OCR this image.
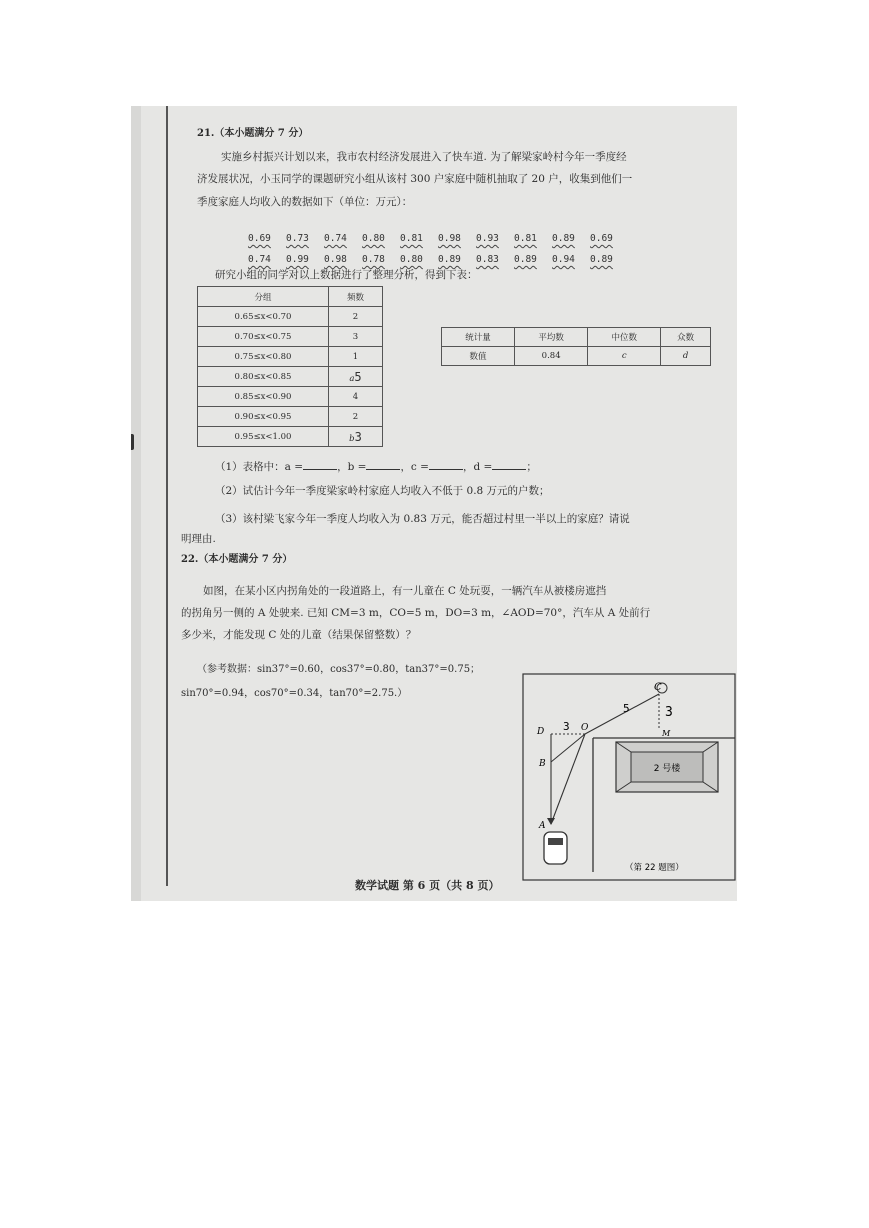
21.（本小题满分 7 分）
实施乡村振兴计划以来，我市农村经济发展进入了快车道. 为了解梁家岭村今年一季度经
济发展状况，小玉同学的课题研究小组从该村 300 户家庭中随机抽取了 20 户，收集到他们一
季度家庭人均收入的数据如下（单位：万元）：
0.69 0.73 0.74 0.80 0.81 0.98 0.93 0.81 0.89 0.69
0.74 0.99 0.98 0.78 0.80 0.89 0.83 0.89 0.94 0.89
研究小组的同学对以上数据进行了整理分析，得到下表：
分组	频数
0.65≤x<0.70	2
0.70≤x<0.75	3
0.75≤x<0.80	1
0.80≤x<0.85	a5
0.85≤x<0.90	4
0.90≤x<0.95	2
0.95≤x<1.00	b3
统计量	平均数	中位数	众数
数值	0.84	c	d
（1）表格中：a =	，b =	，c =	，d =	；
（2）试估计今年一季度梁家岭村家庭人均收入不低于 0.8 万元的户数；
（3）该村梁飞家今年一季度人均收入为 0.83 万元，能否超过村里一半以上的家庭？请说
明理由.
22.（本小题满分 7 分）
如图，在某小区内拐角处的一段道路上，有一儿童在 C 处玩耍，一辆汽车从被楼房遮挡
的拐角另一侧的 A 处驶来. 已知 CM=3 m，CO=5 m，DO=3 m，∠AOD=70°，汽车从 A 处前行
多少米，才能发现 C 处的儿童（结果保留整数）？
（参考数据：sin37°=0.60，cos37°=0.80，tan37°=0.75；
sin70°=0.94，cos70°=0.34，tan70°=2.75.）
2 号楼
C
D	O
M
B
A
3
5
3
（第 22 题图）
数学试题 第 6 页（共 8 页）
